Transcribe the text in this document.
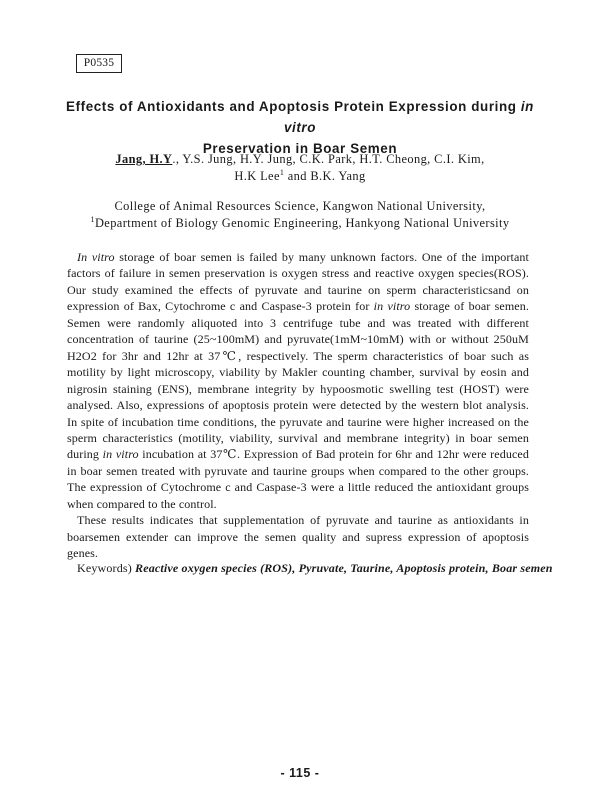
P0535
Effects of Antioxidants and Apoptosis Protein Expression during in vitro
Preservation in Boar Semen
Jang, H.Y., Y.S. Jung, H.Y. Jung, C.K. Park, H.T. Cheong, C.I. Kim,
H.K Lee$^1$ and B.K. Yang
College of Animal Resources Science, Kangwon National University,
$^1$Department of Biology Genomic Engineering, Hankyong National University

In vitro storage of boar semen is failed by many unknown factors. One of the important factors of failure in semen preservation is oxygen stress and reactive oxygen species(ROS). Our study examined the effects of pyruvate and taurine on sperm characteristicsand on expression of Bax, Cytochrome c and Caspase-3 protein for in vitro storage of boar semen. Semen were randomly aliquoted into 3 centrifuge tube and was treated with different concentration of taurine (25~100mM) and pyruvate(1mM~10mM) with or without 250uM H2O2 for 3hr and 12hr at 37℃, respectively. The sperm characteristics of boar such as motility by light microscopy, viability by Makler counting chamber, survival by eosin and nigrosin staining (ENS), membrane integrity by hypoosmotic swelling test (HOST) were analysed. Also, expressions of apoptosis protein were detected by the western blot analysis. In spite of incubation time conditions, the pyruvate and taurine were higher increased on the sperm characteristics (motility, viability, survival and membrane integrity) in boar semen during in vitro incubation at 37℃. Expression of Bad protein for 6hr and 12hr were reduced in boar semen treated with pyruvate and taurine groups when compared to the other groups. The expression of Cytochrome c and Caspase-3 were a little reduced the antioxidant groups when compared to the control.

These results indicates that supplementation of pyruvate and taurine as antioxidants in boarsemen extender can improve the semen quality and supress expression of apoptosis genes.

Keywords) Reactive oxygen species (ROS), Pyruvate, Taurine, Apoptosis protein, Boar semen
- 115 -
